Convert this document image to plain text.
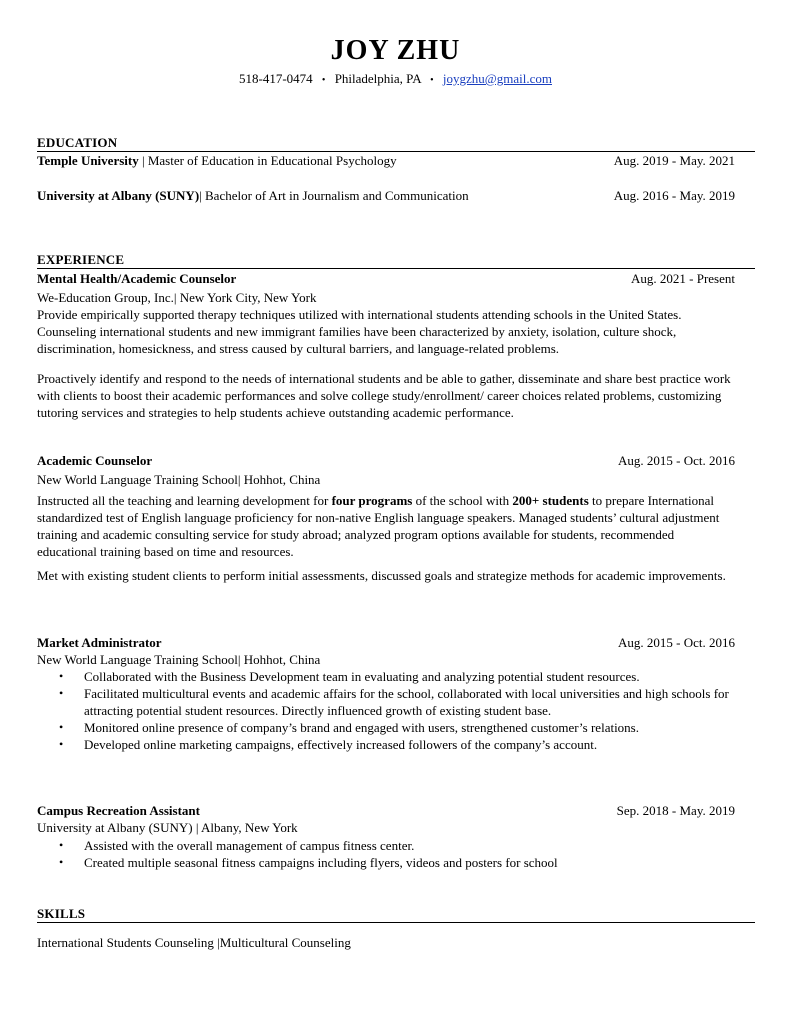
JOY ZHU
518-417-0474 • Philadelphia, PA • joygzhu@gmail.com
EDUCATION
Temple University | Master of Education in Educational Psychology	Aug. 2019 - May. 2021
University at Albany (SUNY)| Bachelor of Art in Journalism and Communication	Aug. 2016 - May. 2019
EXPERIENCE
Mental Health/Academic Counselor	Aug. 2021 - Present
We-Education Group, Inc.| New York City, New York
Provide empirically supported therapy techniques utilized with international students attending schools in the United States. Counseling international students and new immigrant families have been characterized by anxiety, isolation, culture shock, discrimination, homesickness, and stress caused by cultural barriers, and language-related problems.
Proactively identify and respond to the needs of international students and be able to gather, disseminate and share best practice work with clients to boost their academic performances and solve college study/enrollment/ career choices related problems, customizing tutoring services and strategies to help students achieve outstanding academic performance.
Academic Counselor	Aug. 2015 - Oct. 2016
New World Language Training School| Hohhot, China
Instructed all the teaching and learning development for four programs of the school with 200+ students to prepare International standardized test of English language proficiency for non-native English language speakers. Managed students’ cultural adjustment training and academic consulting service for study abroad; analyzed program options available for students, recommended educational training based on time and resources.
Met with existing student clients to perform initial assessments, discussed goals and strategize methods for academic improvements.
Market Administrator	Aug. 2015 - Oct. 2016
New World Language Training School| Hohhot, China
• Collaborated with the Business Development team in evaluating and analyzing potential student resources.
• Facilitated multicultural events and academic affairs for the school, collaborated with local universities and high schools for attracting potential student resources. Directly influenced growth of existing student base.
• Monitored online presence of company’s brand and engaged with users, strengthened customer’s relations.
• Developed online marketing campaigns, effectively increased followers of the company’s account.
Campus Recreation Assistant	Sep. 2018 - May. 2019
University at Albany (SUNY) | Albany, New York
• Assisted with the overall management of campus fitness center.
• Created multiple seasonal fitness campaigns including flyers, videos and posters for school
SKILLS
International Students Counseling |Multicultural Counseling
